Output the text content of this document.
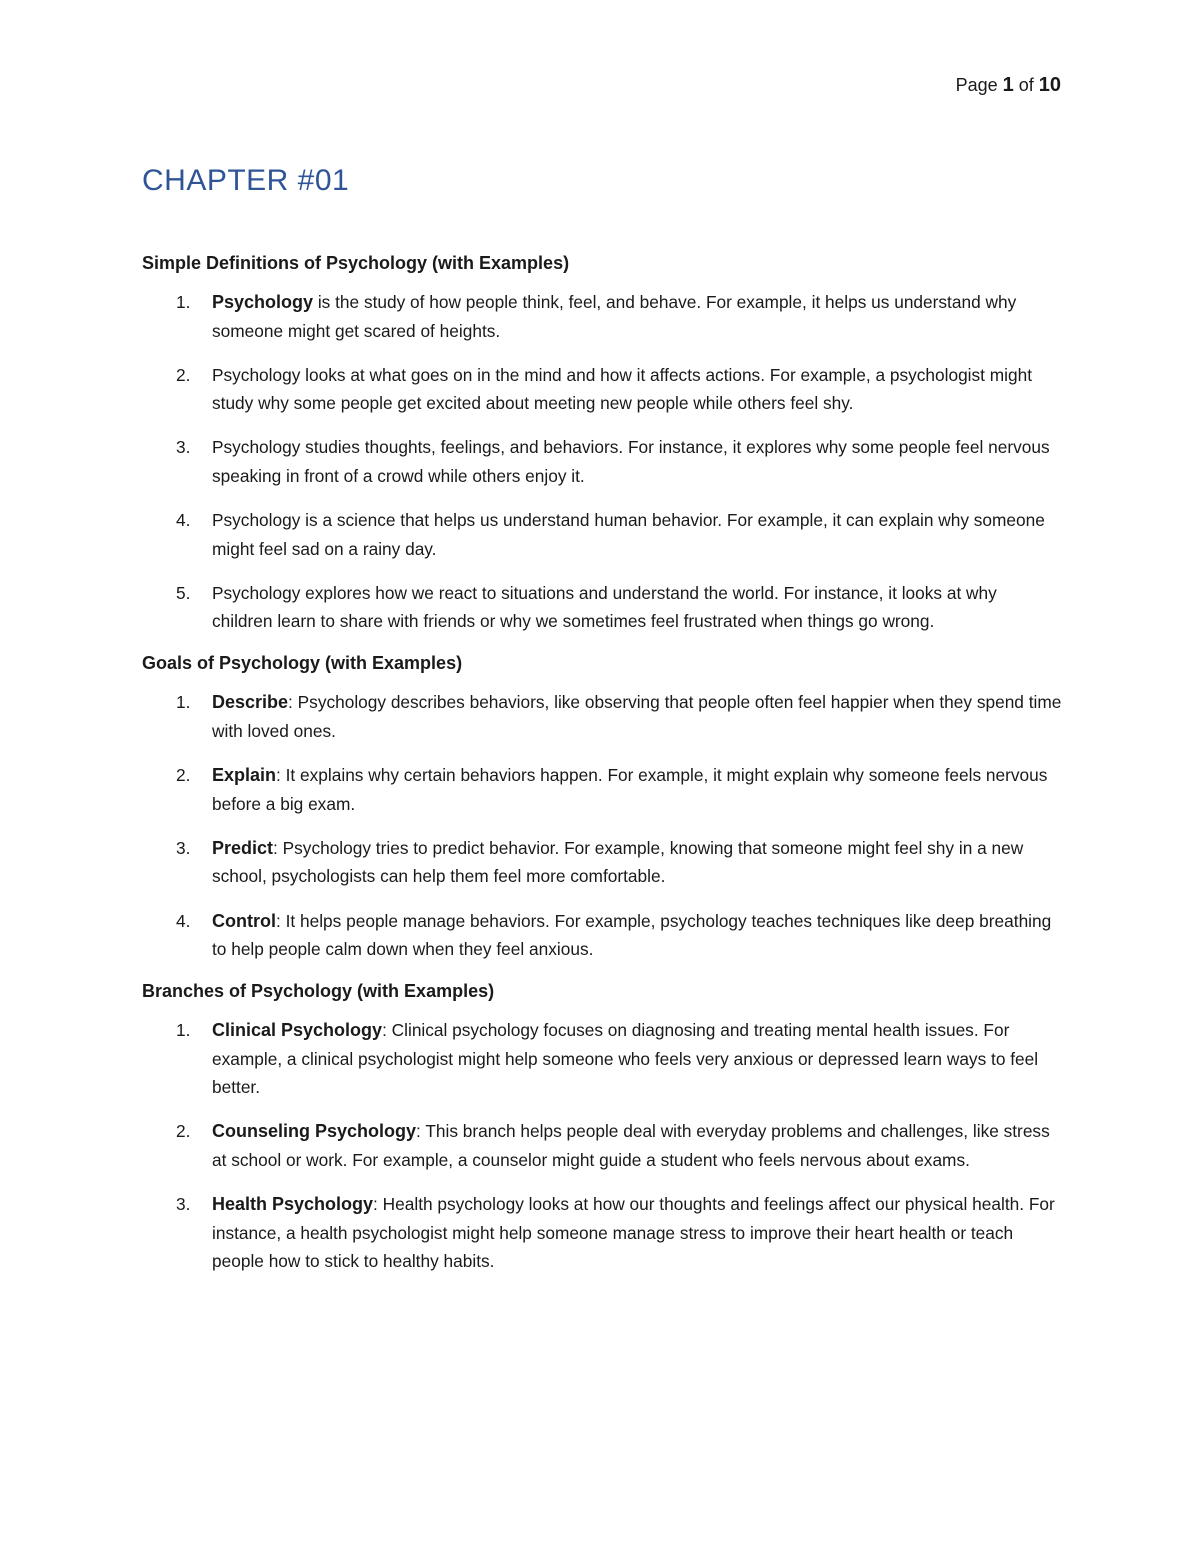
Page 1 of 10
CHAPTER #01
Simple Definitions of Psychology (with Examples)
1.	Psychology is the study of how people think, feel, and behave. For example, it helps us understand why someone might get scared of heights.
2.	Psychology looks at what goes on in the mind and how it affects actions. For example, a psychologist might study why some people get excited about meeting new people while others feel shy.
3.	Psychology studies thoughts, feelings, and behaviors. For instance, it explores why some people feel nervous speaking in front of a crowd while others enjoy it.
4.	Psychology is a science that helps us understand human behavior. For example, it can explain why someone might feel sad on a rainy day.
5.	Psychology explores how we react to situations and understand the world. For instance, it looks at why children learn to share with friends or why we sometimes feel frustrated when things go wrong.
Goals of Psychology (with Examples)
1.	Describe: Psychology describes behaviors, like observing that people often feel happier when they spend time with loved ones.
2.	Explain: It explains why certain behaviors happen. For example, it might explain why someone feels nervous before a big exam.
3.	Predict: Psychology tries to predict behavior. For example, knowing that someone might feel shy in a new school, psychologists can help them feel more comfortable.
4.	Control: It helps people manage behaviors. For example, psychology teaches techniques like deep breathing to help people calm down when they feel anxious.
Branches of Psychology (with Examples)
1.	Clinical Psychology: Clinical psychology focuses on diagnosing and treating mental health issues. For example, a clinical psychologist might help someone who feels very anxious or depressed learn ways to feel better.
2.	Counseling Psychology: This branch helps people deal with everyday problems and challenges, like stress at school or work. For example, a counselor might guide a student who feels nervous about exams.
3.	Health Psychology: Health psychology looks at how our thoughts and feelings affect our physical health. For instance, a health psychologist might help someone manage stress to improve their heart health or teach people how to stick to healthy habits.
